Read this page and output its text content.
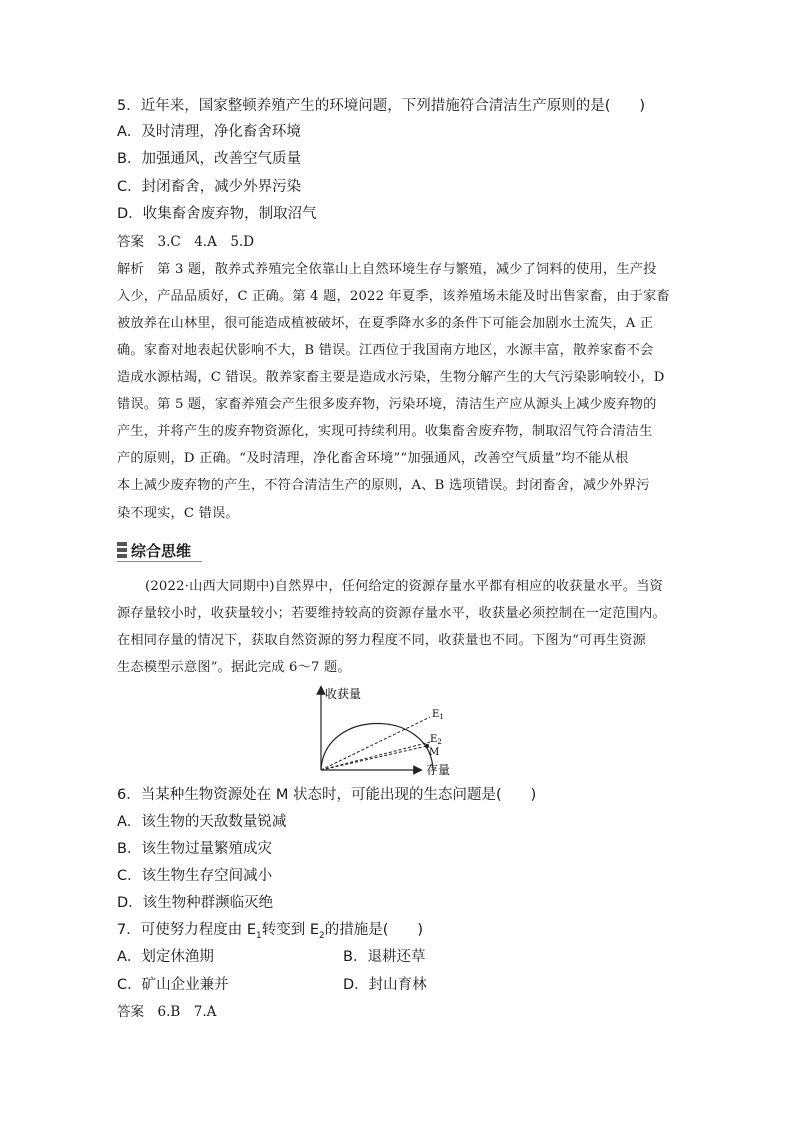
5．近年来，国家整顿养殖产生的环境问题，下列措施符合清洁生产原则的是(　　)
A．及时清理，净化畜舍环境
B．加强通风，改善空气质量
C．封闭畜舍，减少外界污染
D．收集畜舍废弃物，制取沼气
答案　3.C　4.A　5.D
解析　第 3 题，散养式养殖完全依靠山上自然环境生存与繁殖，减少了饲料的使用，生产投
入少，产品品质好，C 正确。第 4 题，2022 年夏季，该养殖场未能及时出售家畜，由于家畜
被放养在山林里，很可能造成植被破坏，在夏季降水多的条件下可能会加剧水土流失，A 正
确。家畜对地表起伏影响不大，B 错误。江西位于我国南方地区，水源丰富，散养家畜不会
造成水源枯竭，C 错误。散养家畜主要是造成水污染，生物分解产生的大气污染影响较小，D
错误。第 5 题，家畜养殖会产生很多废弃物，污染环境，清洁生产应从源头上减少废弃物的
产生，并将产生的废弃物资源化，实现可持续利用。收集畜舍废弃物，制取沼气符合清洁生
产的原则，D 正确。“及时清理，净化畜舍环境”“加强通风，改善空气质量”均不能从根
本上减少废弃物的产生，不符合清洁生产的原则，A、B 选项错误。封闭畜舍，减少外界污
染不现实，C 错误。
综合思维
(2022·山西大同期中)自然界中，任何给定的资源存量水平都有相应的收获量水平。当资
源存量较小时，收获量较小；若要维持较高的资源存量水平，收获量必须控制在一定范围内。
在相同存量的情况下，获取自然资源的努力程度不同，收获量也不同。下图为“可再生资源
生态模型示意图”。据此完成 6～7 题。
收获量
存量
$E_1$
$E_2$
M
6．当某种生物资源处在 M 状态时，可能出现的生态问题是(　　)
A．该生物的天敌数量锐减
B．该生物过量繁殖成灾
C．该生物生存空间减小
D．该生物种群濒临灭绝
7．可使努力程度由 $E_1$转变到 $E_2$的措施是(　　)
A．划定休渔期	B．退耕还草
C．矿山企业兼并	D．封山育林
答案　6.B　7.A
